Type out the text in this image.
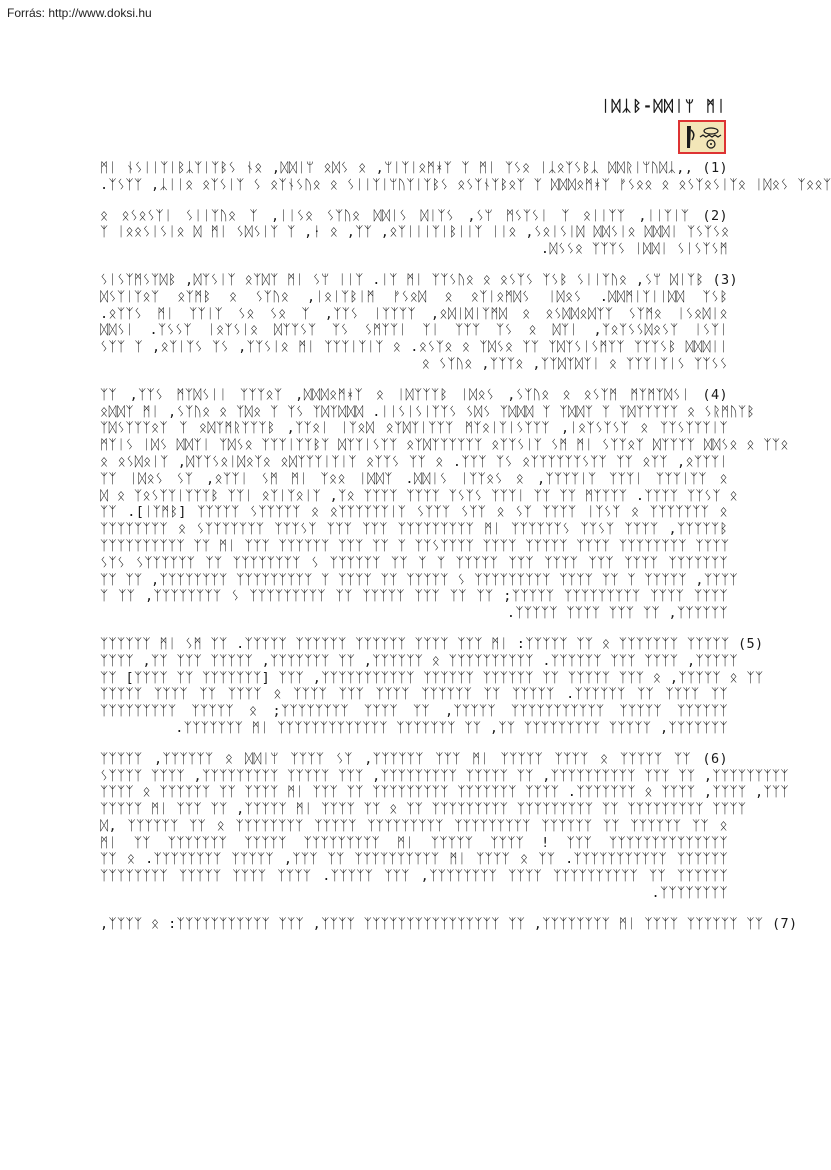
Forrás: http://www.doksi.hu
ᛁᛞᛣᛒ-ᛞᛞᛁᛘ ᛗᛁ
ᛗᛁ ᚾᛊᛁᛁᛉᛁᛒᛣᛉᛁᛉᛒᛊ ᚾᛟ ,ᛞᛞᛁᛘ ᛟᛞᛊ ᛟ ,ᛘᛁᛉᛁᛟᛗᚼᛉ ᛉ ᛗᛁ ᛉᛊᛟ ᛁᛣᛟᛉᛊᛒᛣ ᛞᛞᚱᛁᛘᚢᛞᛣ,, (1)
.ᛉᛊᛉᛉ ,ᛣᛁᛁᛟ ᛟᛉᛊᛁᛉ ᛊ ᛟᛉᚾᛊᚢᛟ ᛟ ᛊᛁᛁᛉᛁᛘᚢᛉᛁᛉᛒᛊ ᛟᛊᛉᚾᛉᛒᛟᛉ ᛉ ᛞᛞᛞᛟᛗᚼᛉ ᚠᛊᛟᛟ ᛟ ᛟᛊᛉᛟᛊᛁᛉᛟ ᛁᛞᛟᛊ ᛉᛟᛟᛉ
ᛟ ᛟᛊᛟᛊᛉᛁ ᛊᛁᛁᛉᚢᛟ ᛉ ,ᛁᛁᛊᛟ ᛊᛉᚢᛟ ᛞᛞᛁᛊ ᛞᛁᛉᛊ ,ᛊᛘ ᛗᛊᛉᛊᛁ ᛉ ᛟᛁᛁᛉᛉ ,ᛁᛁᛉᛁᛉ (2)
ᛉ ᛁᛟᛟᛊᛁᛊᛁᛟ ᛞ ᛗᛁ ᛊᛞᛊᛁᛉ ᛉ ,ᛂ ᛟ ,ᛉᛉ ,ᛟᛉᛁᛁᛁᛉᛁᛒᛁᛁᛉ ᛁᛁᛟ ,ᛊᛟᛁᛊᛁᛞ ᛞᛞᛊᛁᛟ ᛞᛞᛞᛁ ᛉᛊᛉᛊᛟ
.ᛞᛊᛊᛟ ᛉᛉᛉᛊ ᛁᛞᛞᛁ ᛊᛁᛊᛉᛊᛗ
ᛊᛁᛊᛉᛗᛊᛉᛞᛒ ,ᛞᛉᛊᛁᛉ ᛟᛉᛞᛉ ᛗᛁ ᛊᛘ ᛁᛁᛉ .ᛁᛉ ᛗᛁ ᛉᛉᛊᚢᛟ ᛟ ᛟᛊᛉᛊ ᛉᛊᛒ ᛊᛁᛁᛉᚢᛟ ,ᛊᛘ ᛞᛁᛉᛒ (3)
ᛞᛊᛉᛁᛉᛟᛉ ᛟᛉᛗᛒ ᛟ ᛊᛉᚢᛟ ,ᛁᛟᛁᛉᛒᛁᛗ ᚠᛊᛟᛞ ᛟ ᛟᛉᛁᛟᛗᛞᛊ ᛁᛞᛟᛊ .ᛞᛞᛗᛁᛉᛁᛁᛞᛞ ᛉᛊᛒ
.ᛟᛉᛉᛊ ᛗᛁ ᛉᛉᛁᛉ ᛊᛟ ᛊᛟ ᛉ ,ᛉᛉᛊ ᛁᛉᛉᛉᛉ ,ᛟᛞᛁᛞᛁᛉᛗᛞ ᛟ ᛟᛊᛞᛞᛟᛞᛉᛉ ᛊᛉᛗᛟ ᛁᛊᛟᛞᛁᛟ
ᛞᛞᛊᛁ .ᛉᛊᛊᛉ ᛁᛟᛉᛊᛁᛟ ᛞᛉᛉᛊᛉ ᛉᛊ ᛊᛗᛉᛉᛁ ᛉᛁ ᛉᛉᛉ ᛉᛊ ᛟ ᛞᛉᛁ ,ᛉᛟᛉᛊᛊᛞᛟᛊᛉ ᛁᛊᛉᛁ
ᛊᛉᛉ ᛉ ,ᛟᛉᛁᛉᛊ ᛉᛊ ,ᛉᛉᛊᛁᛟ ᛗᛁ ᛉᛉᛉᛁᛉᛁᛉ ᛟ .ᛟᛊᛉᛟ ᛟ ᛉᛞᛊᛟ ᛉᛉ ᛉᛞᛉᛊᛁᛊᛗᛉᛉ ᛉᛉᛉᛊᛒ ᛞᛞᛞᛁᛁ
ᛟ ᛊᛉᚢᛟ ,ᛉᛉᛉᛟ ,ᛉᛉᛞᛉᛞᛉᛁ ᛟ ᛉᛉᛉᛁᛉᛁᛊ ᛉᛉᛊᛊ
ᛉᛉ ,ᛉᛉᛊ ᛗᛉᛞᛊᛁᛁ ᛉᛉᛉᛟᛉ ,ᛞᛞᛞᛟᛗᚼᛉ ᛟ ᛁᛞᛉᛉᛉᛒ ᛁᛞᛟᛊ ,ᛊᛉᚢᛟ ᛟ ᛟᛊᛉᛗ ᛗᛉᛗᛉᛞᛊᛁ (4)
ᛟᛞᛞᛉ ᛗᛁ ,ᛊᛉᚢᛟ ᛟ ᛉᛞᛟ ᛉ ᛉᛊ ᛉᛞᛉᛞᛞᛞ .ᛁᛁᛊᛁᛊᛁᛉᛉᛊ ᛊᛞᛊ ᛉᛞᛞᛞ ᛉ ᛉᛞᛞᛉ ᛉ ᛉᛞᛉᛉᛉᛉᛉ ᛟ ᛊᚱᛗᚢᛉᛒ
ᛉᛞᛊᛉᛉᛉᛟᛉ ᛉ ᛟᛞᛉᛗᚱᛉᛉᛉᛒ ,ᛉᛉᛟᛁ ᛁᛉᛟᛞ ᛟᛉᛞᛉᛁᛉᛉᛉ ᛗᛉᛟᛁᛉᛁᛊᛉᛉᛉ ,ᛁᛟᛉᛊᛉᛊᛉ ᛟ ᛉᛉᛊᛉᛉᛉᛁᛉ
ᛗᛉᛁᛊ ᛁᛞᛊ ᛞᛞᛉᛁ ᛉᛞᛊᛟ ᛉᛉᛉᛁᛉᛉᛒᛉ ᛞᛉᛉᛁᛊᛉᛉ ᛟᛉᛞᛉᛉᛉᛉᛉᛉ ᛟᛉᛉᛊᛁᛉ ᛊᛗ ᛗᛁ ᛊᛉᛉᛟᛉ ᛞᛉᛉᛉᛉ ᛞᛞᛊᛟ ᛟ ᛉᛉᛟ
ᛟ ᛟᛊᛞᛟᛁᛉ ,ᛞᛉᛉᛊᛟᛁᛞᛟᛉᛟ ᛟᛞᛉᛉᛉᛁᛉᛁᛉ ᛟᛉᛉᛊ ᛉᛉ ᛟ .ᛉᛉᛉ ᛉᛊ ᛟᛉᛉᛉᛉᛉᛉᛊᛉᛉ ᛉᛉ ᛟᛉᛉ ,ᛟᛉᛉᛉᛁ
ᛉᛉ ᛁᛞᛟᛊ ᛊᛉ ,ᛟᛉᛉᛁ ᛊᛗ ᛗᛁ ᛉᛟᛟ ᛁᛞᛞᛉ .ᛞᛞᛁᛊ ᛁᛉᛉᛟᛊ ᛟ ,ᛉᛉᛉᛉᛁᛉ ᛉᛉᛉᛁ ᛉᛉᛉᛁᛉᛉ ᛟ
ᛞ ᛟ ᛉᛟᛊᛉᛉᛁᛉᛉᛉᛒ ᛉᛉᛁ ᛟᛉᛁᛉᛟᛁᛉ ,ᛉᛟ ᛉᛉᛉᛉ ᛉᛉᛉᛉ ᛉᛊᛉᛊ ᛉᛉᛉᛁ ᛉᛉ ᛉᛉ ᛗᛉᛉᛉᛉ .ᛉᛉᛉᛉ ᛉᛉᛊᛉ ᛟ
ᛉᛉ .[ᛁᛉᛗᛒ] ᛉᛉᛉᛉᛉ ᛊᛉᛉᛉᛉᛉ ᛟ ᛟᛉᛉᛉᛉᛉᛉᛁᛉ ᛊᛉᛉᛉ ᛊᛉᛉ ᛟ ᛊᛉ ᛉᛉᛉᛉ ᛁᛉᛊᛉ ᛟ ᛉᛉᛉᛉᛉᛉᛉ ᛟ
ᛉᛉᛉᛉᛉᛉᛉᛉ ᛟ ᛊᛉᛉᛉᛉᛉᛉᛉ ᛉᛉᛉᛊᛉ ᛉᛉᛉ ᛉᛉᛉ ᛉᛉᛉᛉᛉᛉᛉᛉᛉ ᛗᛁ ᛉᛉᛉᛉᛉᛉᛊ ᛉᛉᛊᛉ ᛉᛉᛉᛉ ,ᛉᛉᛉᛉᛉᛒ
ᛉᛉᛉᛉᛉᛉᛉᛉᛉᛉ ᛉᛉ ᛗᛁ ᛉᛉᛉ ᛉᛉᛉᛉᛉᛉ ᛉᛉᛉ ᛉᛉ ᛉ ᛉᛉᛊᛉᛉᛉᛉ ᛉᛉᛉᛉ ᛉᛉᛉᛉᛉ ᛉᛉᛉᛉ ᛉᛉᛉᛉᛉᛉᛉᛉ ᛉᛉᛉᛉ
ᛊᛉᛊ ᛊᛉᛉᛉᛉᛉᛉ ᛉᛉ ᛉᛉᛉᛉᛉᛉᛉᛉ ᛊ ᛉᛉᛉᛉᛉᛉ ᛉᛉ ᛉ ᛉ ᛉᛉᛉᛉᛉ ᛉᛉᛉ ᛉᛉᛉᛉ ᛉᛉᛉ ᛉᛉᛉᛉ ᛉᛉᛉᛉᛉᛉᛉ
ᛉᛉ ᛉᛉ ,ᛉᛉᛉᛉᛉᛉᛉᛉ ᛉᛉᛉᛉᛉᛉᛉᛉᛉ ᛉ ᛉᛉᛉᛉ ᛉᛉ ᛉᛉᛉᛉᛉ ᛊ ᛉᛉᛉᛉᛉᛉᛉᛉᛉ ᛉᛉᛉᛉ ᛉᛉ ᛉ ᛉᛉᛉᛉᛉ ,ᛉᛉᛉᛉ
ᛉ ᛉᛉ ,ᛉᛉᛉᛉᛉᛉᛉᛉ ᛊ ᛉᛉᛉᛉᛉᛉᛉᛉᛉ ᛉᛉ ᛉᛉᛉᛉᛉ ᛉᛉᛉ ᛉᛉ ᛉᛉ ;ᛉᛉᛉᛉᛉ ᛉᛉᛉᛉᛉᛉᛉᛉᛉ ᛉᛉᛉᛉ ᛉᛉᛉᛉ
.ᛉᛉᛉᛉᛉ ᛉᛉᛉᛉ ᛉᛉᛉ ᛉᛉ ,ᛉᛉᛉᛉᛉᛉ
ᛉᛉᛉᛉᛉᛉ ᛗᛁ ᛊᛗ ᛉᛉ .ᛉᛉᛉᛉᛉ ᛉᛉᛉᛉᛉᛉ ᛉᛉᛉᛉᛉᛉ ᛉᛉᛉᛉ ᛉᛉᛉ ᛗᛁ :ᛉᛉᛉᛉᛉ ᛉᛉ ᛟ ᛉᛉᛉᛉᛉᛉᛉ ᛉᛉᛉᛉᛉ (5)
ᛉᛉᛉᛉ ,ᛉᛉ ᛉᛉᛉ ᛉᛉᛉᛉᛉ ,ᛉᛉᛉᛉᛉᛉᛉ ᛉᛉ ,ᛉᛉᛉᛉᛉᛉ ᛟ ᛉᛉᛉᛉᛉᛉᛉᛉᛉᛉ .ᛉᛉᛉᛉᛉᛉ ᛉᛉᛉ ᛉᛉᛉᛉ ,ᛉᛉᛉᛉᛉ
ᛉᛉ [ᛉᛉᛉᛉ ᛉᛉ ᛉᛉᛉᛉᛉᛉᛉ] ᛉᛉᛉ ,ᛉᛉᛉᛉᛉᛉᛉᛉᛉᛉᛉ ᛉᛉᛉᛉᛉᛉ ᛉᛉᛉᛉᛉᛉ ᛉᛉ ᛉᛉᛉᛉᛉ ᛉᛉᛉ ᛟ ,ᛉᛉᛉᛉᛉ ᛟ ᛉᛉ
ᛉᛉᛉᛉᛉ ᛉᛉᛉᛉ ᛉᛉ ᛉᛉᛉᛉ ᛟ ᛉᛉᛉᛉ ᛉᛉᛉ ᛉᛉᛉᛉ ᛉᛉᛉᛉᛉᛉ ᛉᛉ ᛉᛉᛉᛉᛉ .ᛉᛉᛉᛉᛉᛉ ᛉᛉ ᛉᛉᛉᛉ ᛉᛉ
ᛉᛉᛉᛉᛉᛉᛉᛉᛉ ᛉᛉᛉᛉᛉ ᛟ ;ᛉᛉᛉᛉᛉᛉᛉᛉ ᛉᛉᛉᛉ ᛉᛉ ,ᛉᛉᛉᛉᛉ ᛉᛉᛉᛉᛉᛉᛉᛉᛉᛉᛉ ᛉᛉᛉᛉᛉ ᛉᛉᛉᛉᛉᛉ
.ᛉᛉᛉᛉᛉᛉᛉ ᛗᛁ ᛉᛉᛉᛉᛉᛉᛉᛉᛉᛉᛉᛉᛉ ᛉᛉᛉᛉᛉᛉᛉ ᛉᛉ ,ᛉᛉ ᛉᛉᛉᛉᛉᛉᛉᛉᛉ ᛉᛉᛉᛉᛉ ,ᛉᛉᛉᛉᛉᛉᛉ
ᛉᛉᛉᛉᛉ ,ᛉᛉᛉᛉᛉᛉ ᛟ ᛞᛞᛁᛘ ᛉᛉᛉᛉ ᛊᛉ ,ᛉᛉᛉᛉᛉᛉ ᛉᛉᛉ ᛗᛁ ᛉᛉᛉᛉᛉ ᛉᛉᛉᛉ ᛟ ᛉᛉᛉᛉᛉ ᛉᛉ (6)
ᛊᛉᛉᛉᛉ ᛉᛉᛉᛉ ,ᛉᛉᛉᛉᛉᛉᛉᛉᛉ ᛉᛉᛉᛉᛉ ᛉᛉᛉ ,ᛉᛉᛉᛉᛉᛉᛉᛉᛉ ᛉᛉᛉᛉᛉ ᛉᛉ ,ᛉᛉᛉᛉᛉᛉᛉᛉᛉᛉ ᛉᛉᛉ ᛉᛉ ,ᛉᛉᛉᛉᛉᛉᛉᛉᛉ
ᛉᛉᛉᛉ ᛟ ᛉᛉᛉᛉᛉᛉ ᛉᛉ ᛉᛉᛉᛉ ᛗᛁ ᛉᛉᛉ ᛉᛉ ᛉᛉᛉᛉᛉᛉᛉᛉᛉ ᛉᛉᛉᛉᛉᛉᛉ ᛉᛉᛉᛉ .ᛉᛉᛉᛉᛉᛉᛉ ᛟ ᛉᛉᛉᛉ ,ᛉᛉᛉᛉ ,ᛉᛉᛉ
ᛉᛉᛉᛉᛉ ᛗᛁ ᛉᛉᛉ ᛉᛉ ,ᛉᛉᛉᛉᛉ ᛗᛁ ᛉᛉᛉᛉ ᛉᛉ ᛟ ᛉᛉ ᛉᛉᛉᛉᛉᛉᛉᛉᛉ ᛉᛉᛉᛉᛉᛉᛉᛉᛉ ᛉᛉ ᛉᛉᛉᛉᛉᛉᛉᛉᛉ ᛉᛉᛉᛉ
ᛞ, ᛉᛉᛉᛉᛉᛉ ᛉᛉ ᛟ ᛉᛉᛉᛉᛉᛉᛉᛉ ᛉᛉᛉᛉᛉ ᛉᛉᛉᛉᛉᛉᛉᛉᛉ ᛉᛉᛉᛉᛉᛉᛉᛉᛉ ᛉᛉᛉᛉᛉᛉ ᛉᛉ ᛉᛉᛉᛉᛉᛉ ᛉᛉ ᛟ
ᛗᛁ ᛉᛉ ᛉᛉᛉᛉᛉᛉᛉ ᛉᛉᛉᛉᛉ ᛉᛉᛉᛉᛉᛉᛉᛉᛉ ᛗᛁ ᛉᛉᛉᛉᛉ ᛉᛉᛉᛉ ! ᛉᛉᛉ ᛉᛉᛉᛉᛉᛉᛉᛉᛉᛉᛉᛉᛉᛉ
ᛉᛉ ᛟ .ᛉᛉᛉᛉᛉᛉᛉᛉ ᛉᛉᛉᛉᛉ ,ᛉᛉᛉ ᛉᛉ ᛉᛉᛉᛉᛉᛉᛉᛉᛉᛉ ᛗᛁ ᛉᛉᛉᛉ ᛟ ᛉᛉ .ᛉᛉᛉᛉᛉᛉᛉᛉᛉᛉᛉ ᛉᛉᛉᛉᛉᛉ
ᛉᛉᛉᛉᛉᛉᛉᛉ ᛉᛉᛉᛉᛉ ᛉᛉᛉᛉ ᛉᛉᛉᛉ .ᛉᛉᛉᛉᛉ ᛉᛉᛉ ,ᛉᛉᛉᛉᛉᛉᛉᛉ ᛉᛉᛉᛉ ᛉᛉᛉᛉᛉᛉᛉᛉᛉᛉ ᛉᛉ ᛉᛉᛉᛉᛉᛉ
.ᛉᛉᛉᛉᛉᛉᛉᛉ
,ᛉᛉᛉᛉ ᛟ :ᛉᛉᛉᛉᛉᛉᛉᛉᛉᛉᛉ ᛉᛉᛉ ,ᛉᛉᛉᛉ ᛉᛉᛉᛉᛉᛉᛉᛉᛉᛉᛉᛉᛉᛉᛉᛉ ᛉᛉ ,ᛉᛉᛉᛉᛉᛉᛉᛉ ᛗᛁ ᛉᛉᛉᛉ ᛉᛉᛉᛉᛉᛉ ᛉᛉ (7)
